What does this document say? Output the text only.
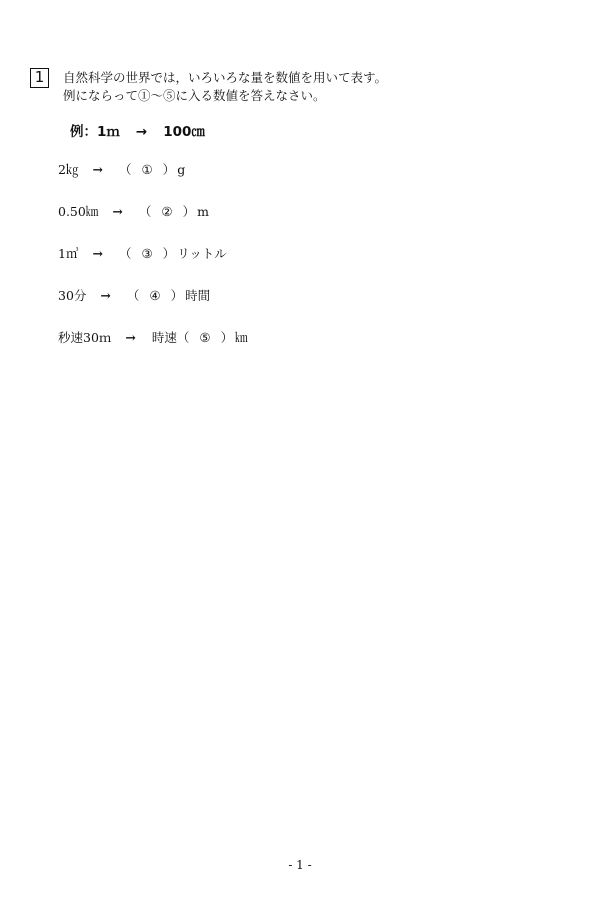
1	自然科学の世界では，いろいろな量を数値を用いて表す。
例にならって①～⑤に入る数値を答えなさい。
例：1ｍ → 100㎝
2㎏ → （ ① ） g
0.50㎞ → （ ② ） m
1㎥ → （ ③ ） リットル
30分 → （ ④ ） 時間
秒速30ｍ → 時速（ ⑤ ） ㎞
- 1 -
